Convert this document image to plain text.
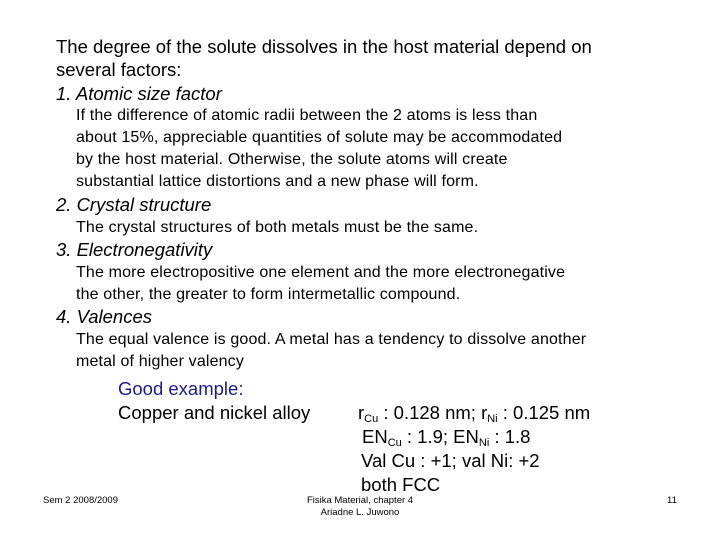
The degree of the solute dissolves in the host material depend on
several factors:
1. Atomic size factor
If the difference of atomic radii between the 2 atoms is less than
about 15%, appreciable quantities of solute may be accommodated
by the host material. Otherwise, the solute atoms will create
substantial lattice distortions and a new phase will form.
2. Crystal structure
The crystal structures of both metals must be the same.
3. Electronegativity
The more electropositive one element and the more electronegative
the other, the greater to form intermetallic compound.
4. Valences
The equal valence is good. A metal has a tendency to dissolve another
metal of higher valency
Good example:
Copper and nickel alloy	$r_{Cu}$ : 0.128 nm; $r_{Ni}$ : 0.125 nm
$EN_{Cu}$ : 1.9; $EN_{Ni}$ : 1.8
Val Cu : +1; val Ni: +2
both FCC
Sem 2 2008/2009	Fisika Material, chapter 4
Ariadne L. Juwono
11
